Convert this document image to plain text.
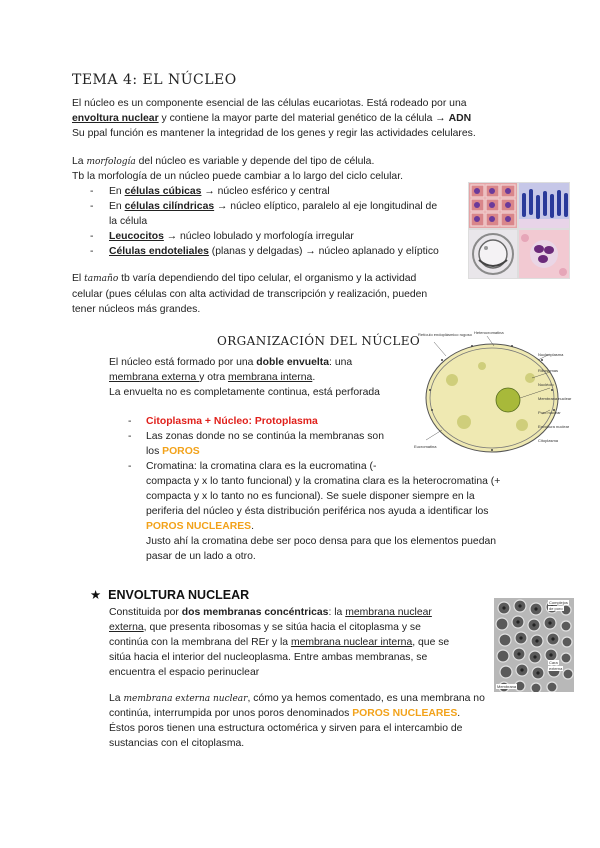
TEMA 4: EL NÚCLEO
El núcleo es un componente esencial de las células eucariotas. Está rodeado por una
envoltura nuclear y contiene la mayor parte del material genético de la célula → ADN
Su ppal función es mantener la integridad de los genes y regir las actividades celulares.
La morfología del núcleo es variable y depende del tipo de célula.
Tb la morfología de un núcleo puede cambiar a lo largo del ciclo celular.
- En células cúbicas → núcleo esférico y central
- En células cilíndricas → núcleo elíptico, paralelo al eje longitudinal de
la célula
- Leucocitos → núcleo lobulado y morfología irregular
- Células endoteliales (planas y delgadas) → núcleo aplanado y elíptico
El tamaño tb varía dependiendo del tipo celular, el organismo y la actividad
celular (pues células con alta actividad de transcripción y realización, pueden
tener núcleos más grandes.
ORGANIZACIÓN DEL NÚCLEO
El núcleo está formado por una doble envuelta: una
membrana externa y otra membrana interna.
La envuelta no es completamente continua, está perforada
- Citoplasma + Núcleo: Protoplasma
- Las zonas donde no se continúa la membranas son
los POROS
- Cromatina: la cromatina clara es la eucromatina (-
compacta y x lo tanto funcional) y la cromatina clara es la heterocromatina (+
compacta y x lo tanto no es funcional). Se suele disponer siempre en la
periferia del núcleo y ésta distribución periférica nos ayuda a identificar los
POROS NUCLEARES.
Justo ahí la cromatina debe ser poco densa para que los elementos puedan
pasar de un lado a otro.
Retículo endoplásmico rugoso Heterocromatina
Nucleoplasma
Ribosomas
Nucléolo
Membrana nuclear
Poro nuclear
Envoltura nuclear
Citoplasma
Eucromatina
★ ENVOLTURA NUCLEAR
Constituida por dos membranas concéntricas: la membrana nuclear
externa, que presenta ribosomas y se sitúa hacia el citoplasma y se
continúa con la membrana del REr y la membrana nuclear interna, que se
sitúa hacia el interior del nucleoplasma. Entre ambas membranas, se
encuentra el espacio perinuclear
La membrana externa nuclear, cómo ya hemos comentado, es una membrana no
continúa, interrumpida por unos poros denominados POROS NUCLEARES.
Éstos poros tienen una estructura octomérica y sirven para el intercambio de
sustancias con el citoplasma.
Complejos
de poro
Cara
externa
Membrana
